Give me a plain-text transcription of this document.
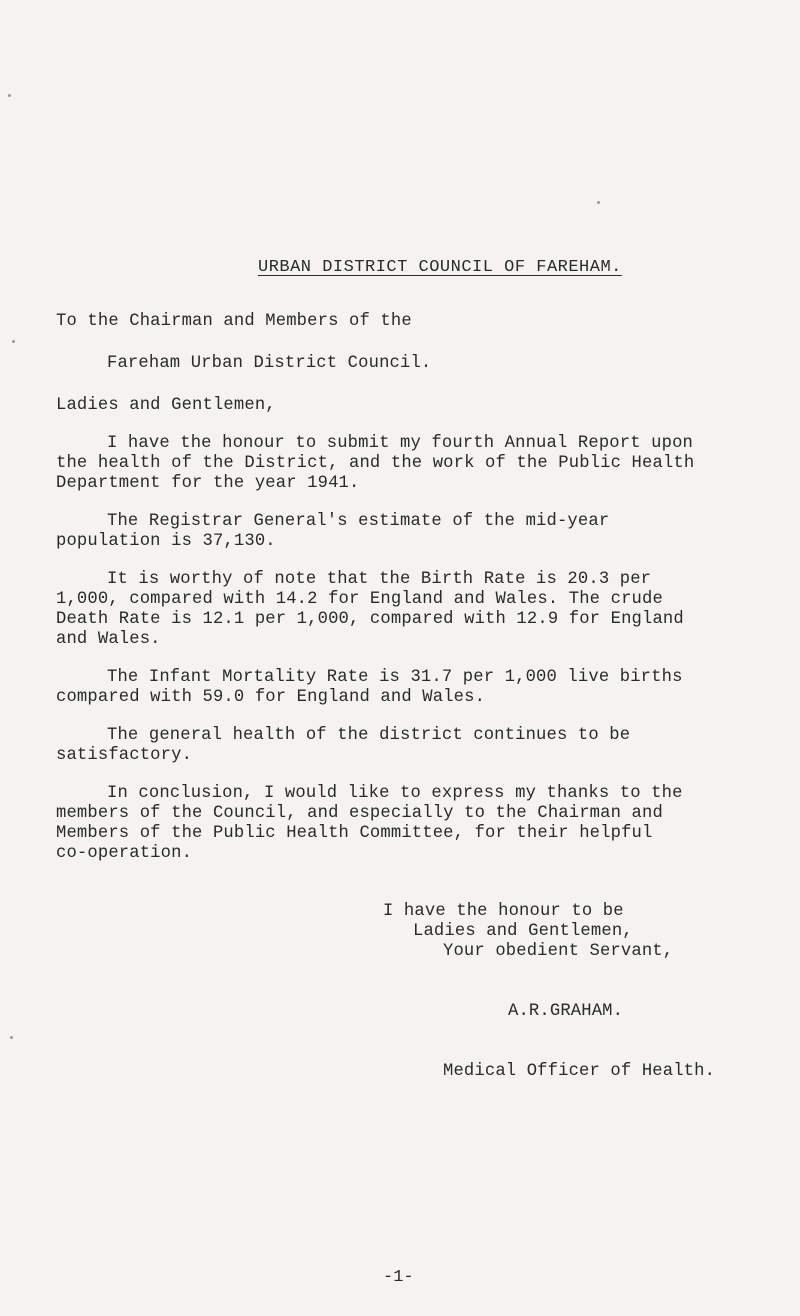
URBAN DISTRICT COUNCIL OF FAREHAM.
To the Chairman and Members of the
Fareham Urban District Council.
Ladies and Gentlemen,
I have the honour to submit my fourth Annual Report upon
the health of the District, and the work of the Public Health
Department for the year 1941.
The Registrar General's estimate of the mid-year
population is 37,130.
It is worthy of note that the Birth Rate is 20.3 per
1,000, compared with 14.2 for England and Wales. The crude
Death Rate is 12.1 per 1,000, compared with 12.9 for England
and Wales.
The Infant Mortality Rate is 31.7 per 1,000 live births
compared with 59.0 for England and Wales.
The general health of the district continues to be
satisfactory.
In conclusion, I would like to express my thanks to the
members of the Council, and especially to the Chairman and
Members of the Public Health Committee, for their helpful
co-operation.
I have the honour to be
Ladies and Gentlemen,
Your obedient Servant,
A.R.GRAHAM.
Medical Officer of Health.
-1-
